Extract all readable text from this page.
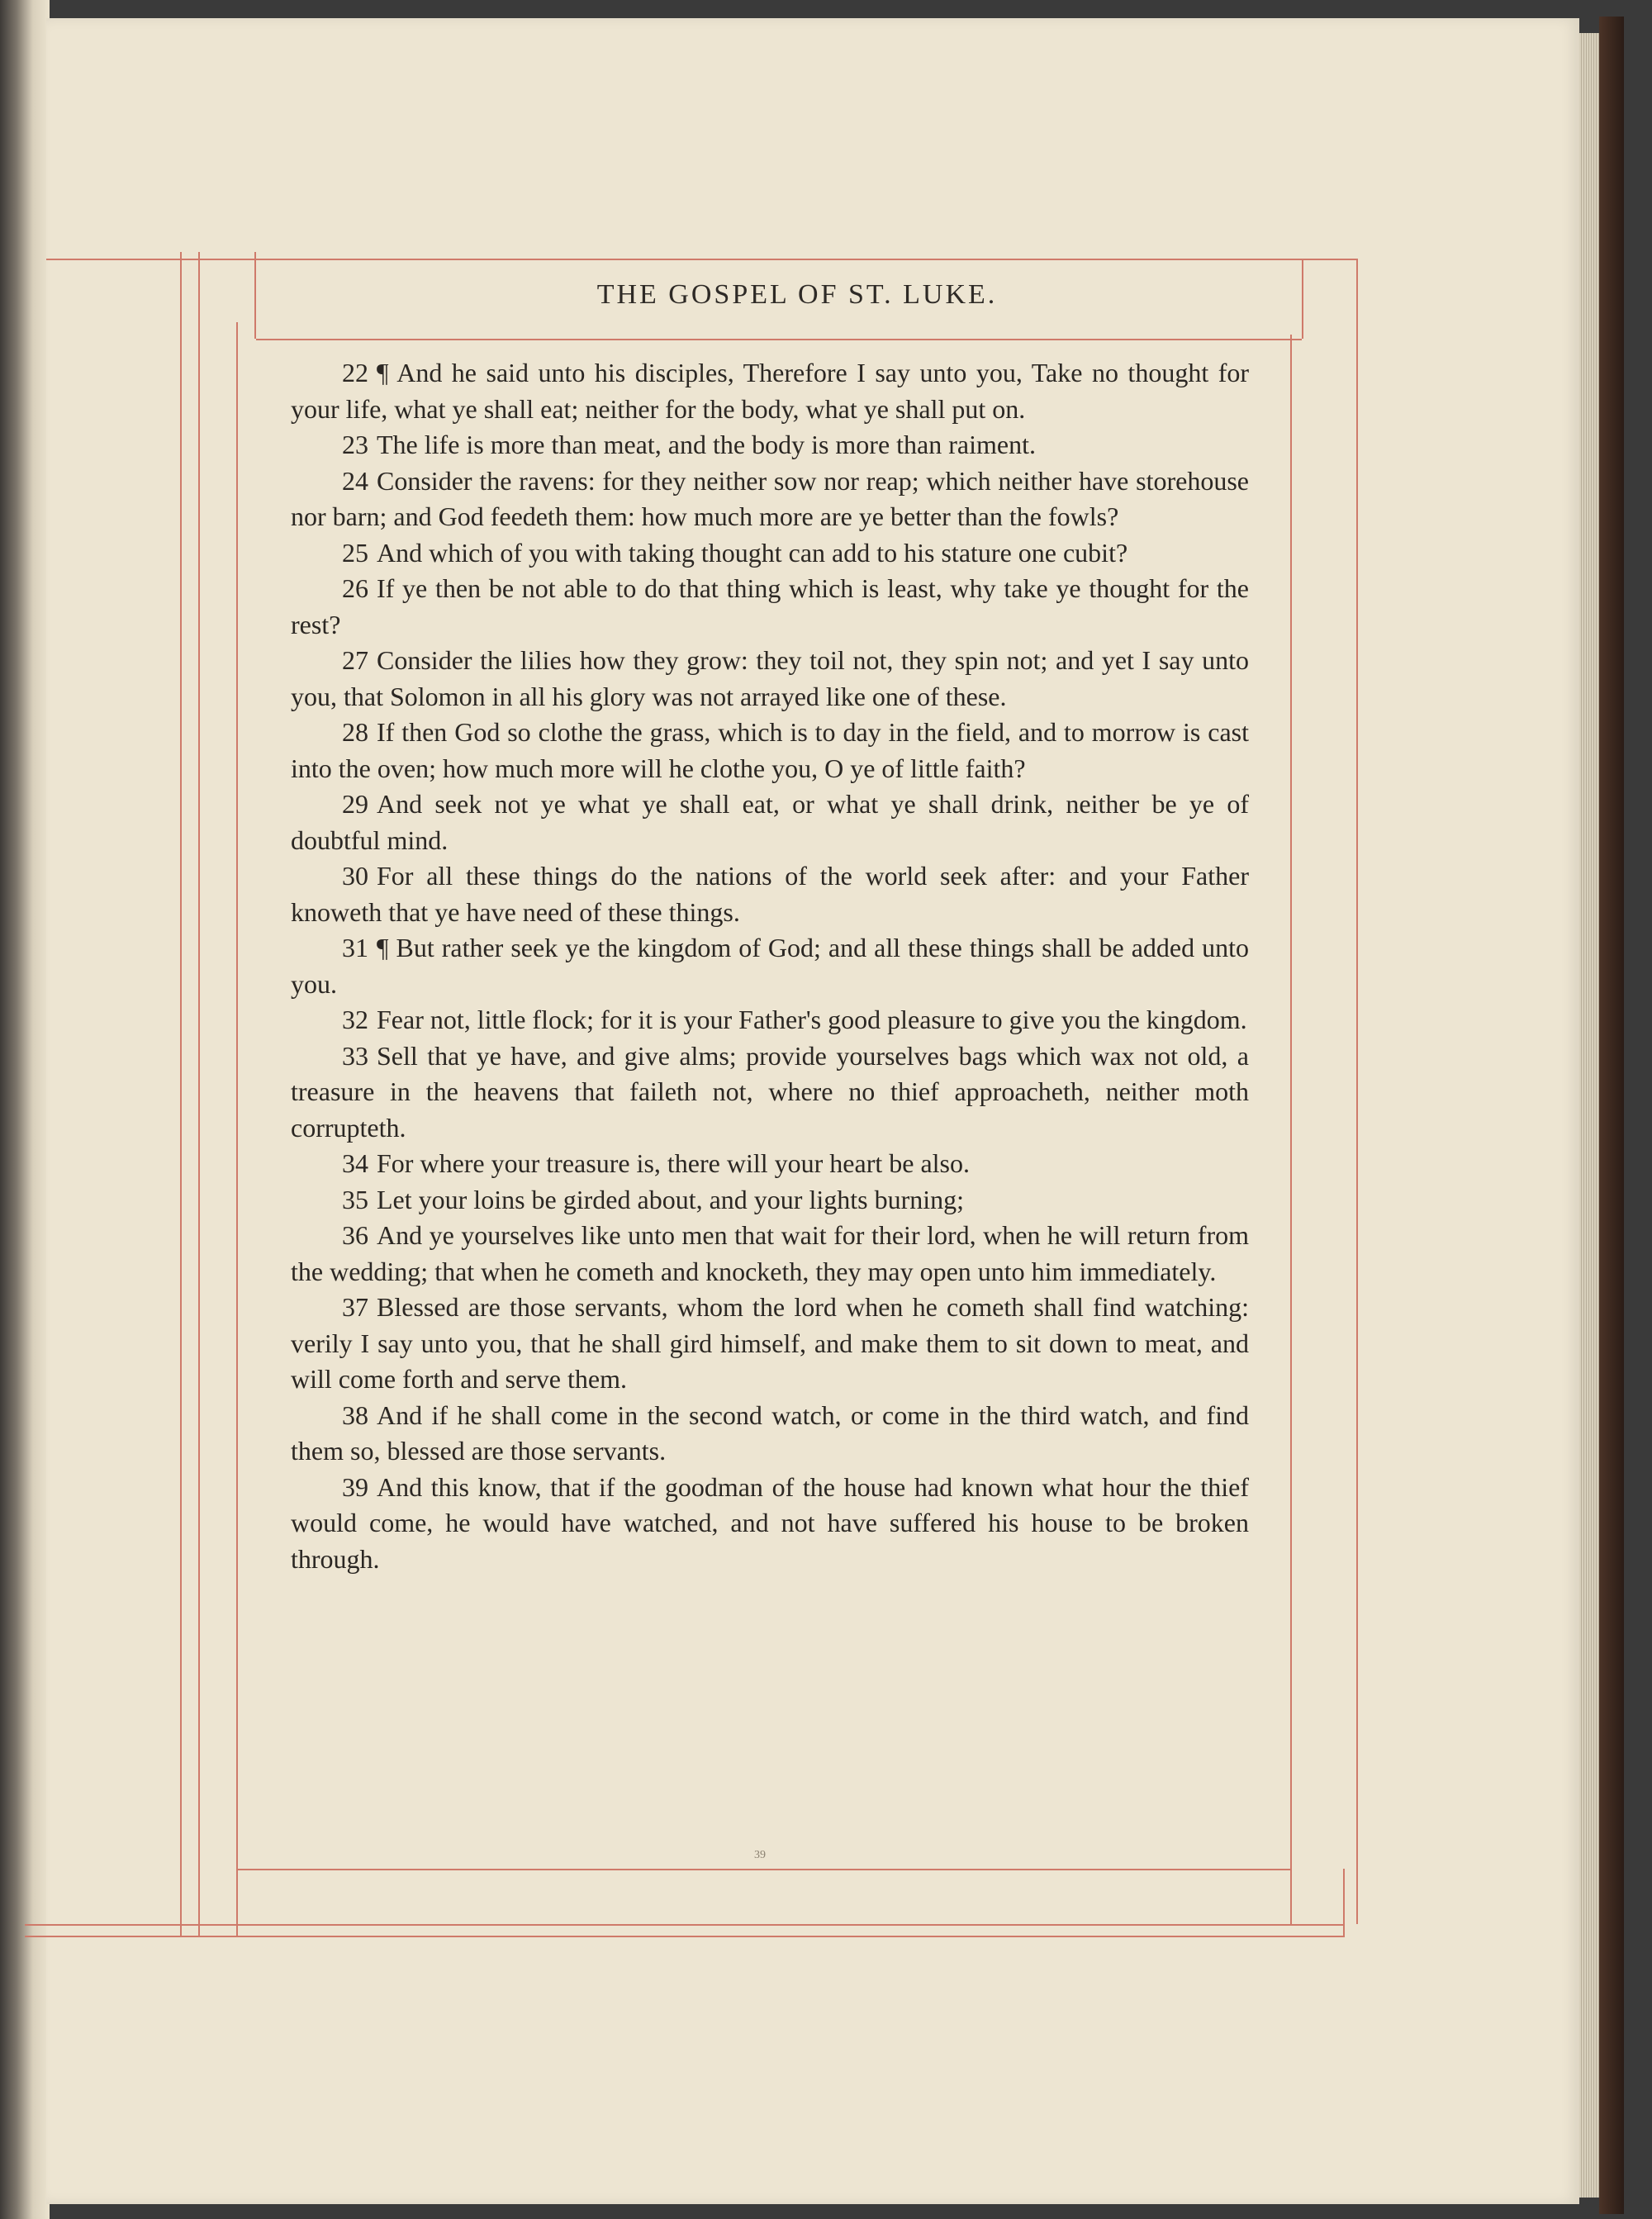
THE GOSPEL OF ST. LUKE.

22 ¶ And he said unto his disciples, Therefore I say unto you, Take no thought for your life, what ye shall eat; neither for the body, what ye shall put on.

23 The life is more than meat, and the body is more than raiment.

24 Consider the ravens: for they neither sow nor reap; which neither have storehouse nor barn; and God feedeth them: how much more are ye better than the fowls?

25 And which of you with taking thought can add to his stature one cubit?

26 If ye then be not able to do that thing which is least, why take ye thought for the rest?

27 Consider the lilies how they grow: they toil not, they spin not; and yet I say unto you, that Solomon in all his glory was not arrayed like one of these.

28 If then God so clothe the grass, which is to day in the field, and to morrow is cast into the oven; how much more will he clothe you, O ye of little faith?

29 And seek not ye what ye shall eat, or what ye shall drink, neither be ye of doubtful mind.

30 For all these things do the nations of the world seek after: and your Father knoweth that ye have need of these things.

31 ¶ But rather seek ye the kingdom of God; and all these things shall be added unto you.

32 Fear not, little flock; for it is your Father's good pleasure to give you the kingdom.

33 Sell that ye have, and give alms; provide yourselves bags which wax not old, a treasure in the heavens that faileth not, where no thief approacheth, neither moth corrupteth.

34 For where your treasure is, there will your heart be also.

35 Let your loins be girded about, and your lights burning;

36 And ye yourselves like unto men that wait for their lord, when he will return from the wedding; that when he cometh and knocketh, they may open unto him immediately.

37 Blessed are those servants, whom the lord when he cometh shall find watching: verily I say unto you, that he shall gird himself, and make them to sit down to meat, and will come forth and serve them.

38 And if he shall come in the second watch, or come in the third watch, and find them so, blessed are those servants.

39 And this know, that if the goodman of the house had known what hour the thief would come, he would have watched, and not have suffered his house to be broken through.

39
